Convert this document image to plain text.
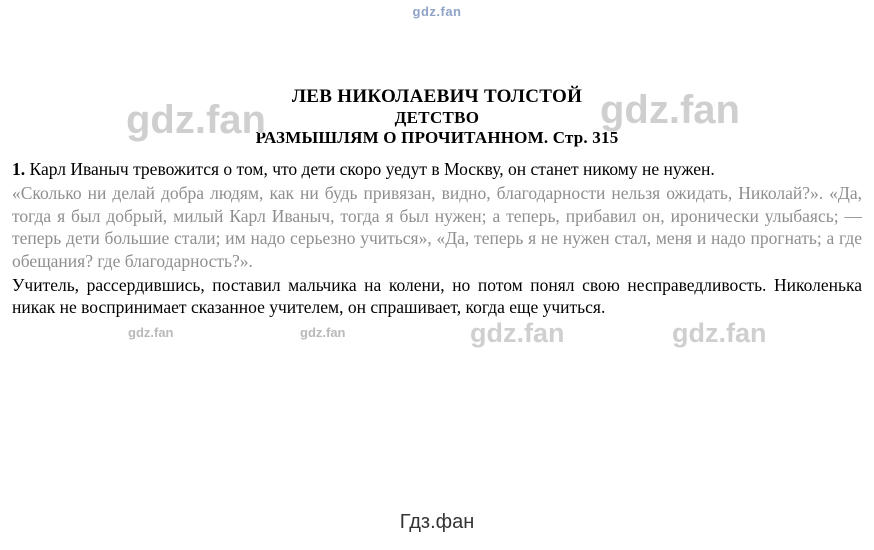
gdz.fan
ЛЕВ НИКОЛАЕВИЧ ТОЛСТОЙ
ДЕТСТВО
РАЗМЫШЛЯМ О ПРОЧИТАННОМ. Стр. 315
1. Карл Иваныч тревожится о том, что дети скоро уедут в Москву, он станет никому не нужен.
«Сколько ни делай добра людям, как ни будь привязан, видно, благодарности нельзя ожидать, Николай?». «Да, тогда я был добрый, милый Карл Иваныч, тогда я был нужен; а теперь, прибавил он, иронически улыбаясь; — теперь дети большие стали; им надо серьезно учиться», «Да, теперь я не нужен стал, меня и надо прогнать; а где обещания? где благодарность?».
Учитель, рассердившись, поставил мальчика на колени, но потом понял свою несправедливость. Николенька никак не воспринимает сказанное учителем, он спрашивает, когда еще учиться.
gdz.fan	gdz.fan
gdz.fan	gdz.fan	gdz.fan	gdz.fan
Гдз.фан
